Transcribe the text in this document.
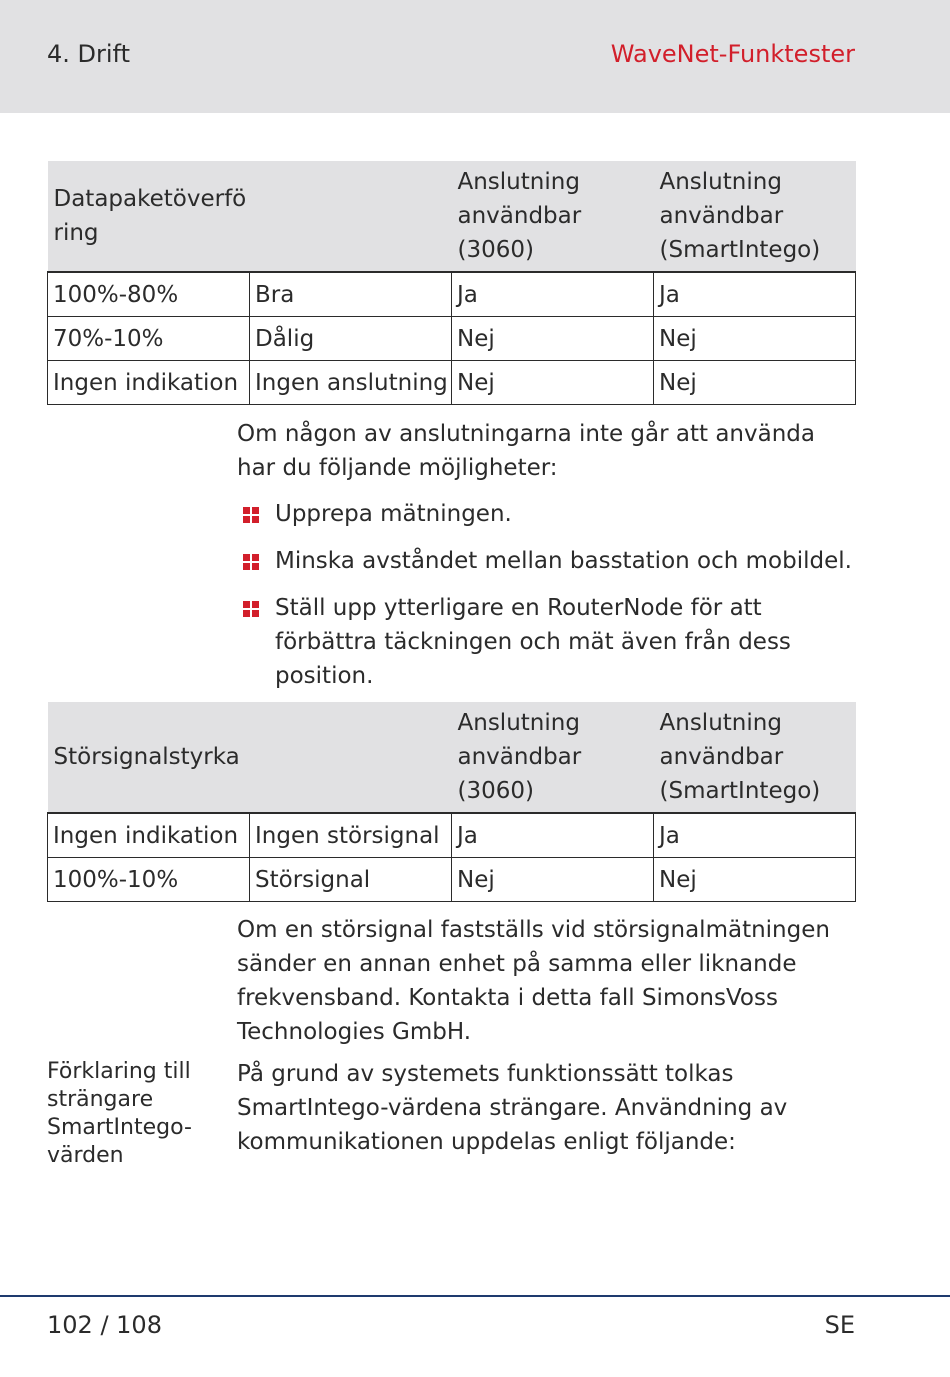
4. Drift	WaveNet-Funktester
Datapaketöverfö ring		Anslutning användbar (3060)	Anslutning användbar (SmartIntego)
100%-80%	Bra	Ja	Ja
70%-10%	Dålig	Nej	Nej
Ingen indikation	Ingen anslutning	Nej	Nej
Om någon av anslutningarna inte går att använda har du följande möjligheter:
Upprepa mätningen.
Minska avståndet mellan basstation och mobildel.
Ställ upp ytterligare en RouterNode för att förbättra täckningen och mät även från dess position.
Störsignalstyrka		Anslutning användbar (3060)	Anslutning användbar (SmartIntego)
Ingen indikation	Ingen störsignal	Ja	Ja
100%-10%	Störsignal	Nej	Nej
Om en störsignal fastställs vid störsignalmätningen sänder en annan enhet på samma eller liknande frekvensband. Kontakta i detta fall SimonsVoss Technologies GmbH.
Förklaring till strängare SmartIntego-värden
På grund av systemets funktionssätt tolkas SmartIntego-värdena strängare. Användning av kommunikationen uppdelas enligt följande:
102 / 108	SE
